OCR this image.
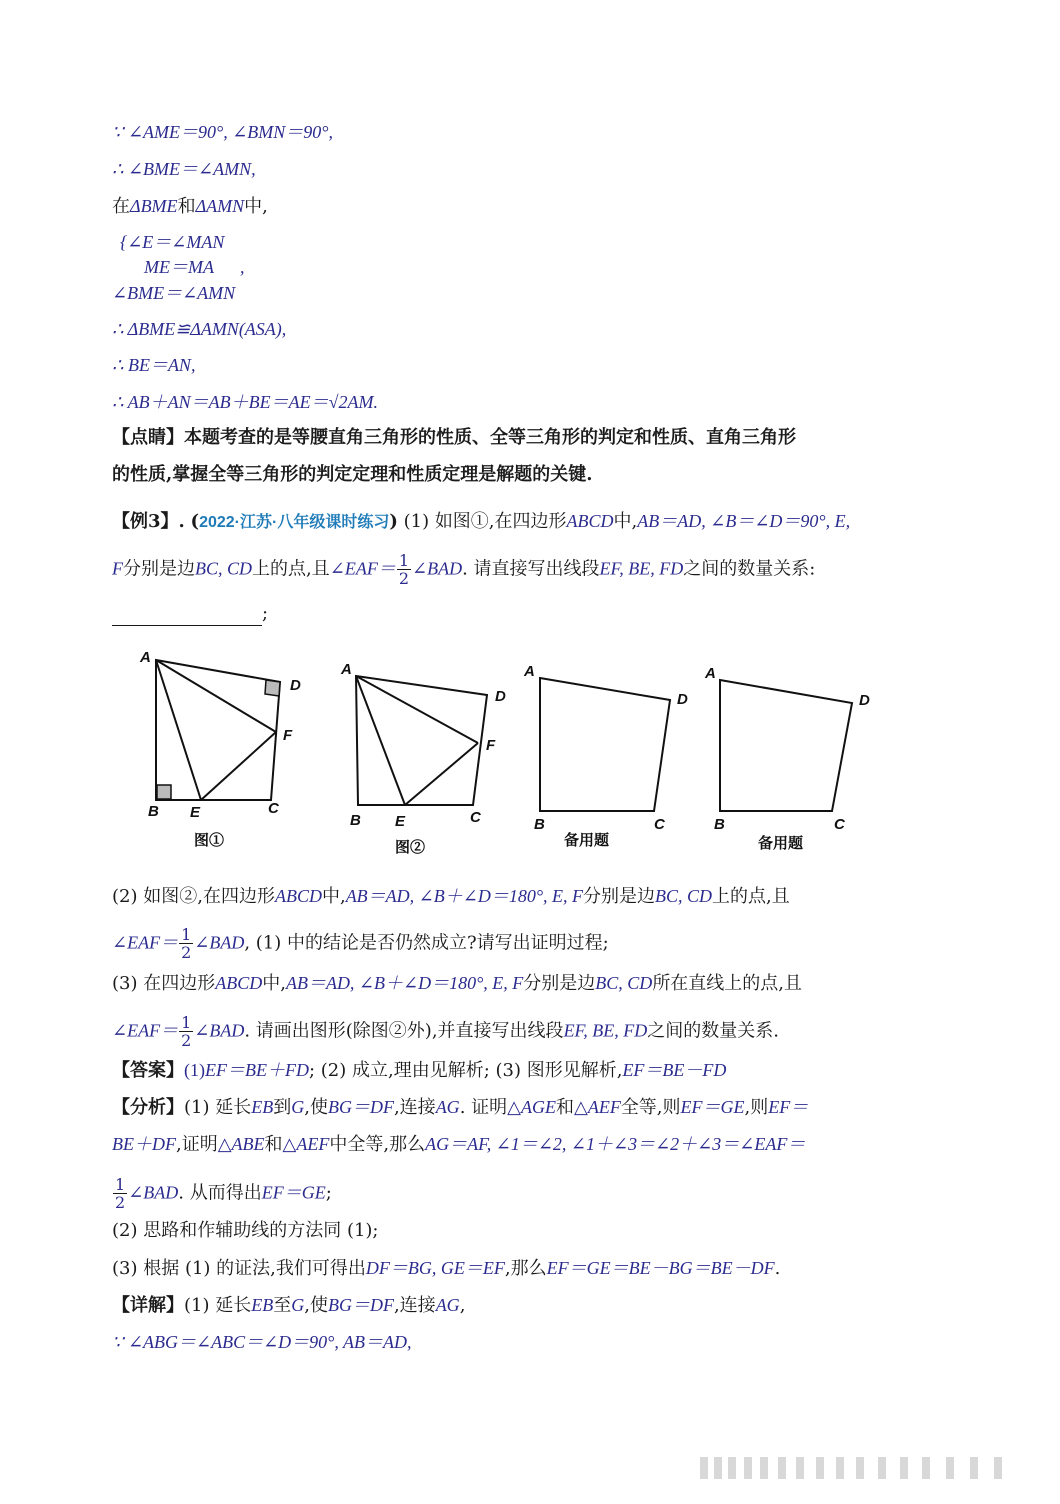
∵ ∠AME＝90°, ∠BMN＝90°,
∴ ∠BME＝∠AMN,
在ΔBME和ΔAMN中,
{∠E＝∠MAN
ME＝MA ,
∠BME＝∠AMN
∴ ΔBME≌ΔAMN(ASA),
∴ BE＝AN,
∴ AB＋AN＝AB＋BE＝AE＝√2AM.
【点睛】本题考查的是等腰直角三角形的性质、全等三角形的判定和性质、直角三角形
的性质,掌握全等三角形的判定定理和性质定理是解题的关键.
【例3】. (2022·江苏·八年级课时练习) (1) 如图①,在四边形ABCD中,AB＝AD, ∠B＝∠D＝90°, E,
F分别是边BC, CD上的点,且∠EAF＝ $\frac{1}{2}$ ∠BAD. 请直接写出线段EF, BE, FD之间的数量关系:
;
A
D
F
B E	C
图①
A
D
F
B E	C
图②
A
D
B	C
备用题
A
D
B	C
备用题
(2) 如图②,在四边形ABCD中,AB＝AD, ∠B＋∠D＝180°, E, F分别是边BC, CD上的点,且
∠EAF＝ $\frac{1}{2}$ ∠BAD, (1) 中的结论是否仍然成立?请写出证明过程;
(3) 在四边形ABCD中,AB＝AD, ∠B＋∠D＝180°, E, F分别是边BC, CD所在直线上的点,且
∠EAF＝ $\frac{1}{2}$ ∠BAD. 请画出图形(除图②外),并直接写出线段EF, BE, FD之间的数量关系.
【答案】(1)EF＝BE＋FD; (2) 成立,理由见解析; (3) 图形见解析,EF＝BE－FD
【分析】(1) 延长EB到G,使BG＝DF,连接AG. 证明△AGE和△AEF全等,则EF＝GE,则EF＝
BE＋DF,证明△ABE和△AEF中全等,那么AG＝AF, ∠1＝∠2, ∠1＋∠3＝∠2＋∠3＝∠EAF＝
$\frac{1}{2}$ ∠BAD. 从而得出EF＝GE;
(2) 思路和作辅助线的方法同 (1);
(3) 根据 (1) 的证法,我们可得出DF＝BG, GE＝EF,那么EF＝GE＝BE－BG＝BE－DF.
【详解】(1) 延长EB至G,使BG＝DF,连接AG,
∵ ∠ABG＝∠ABC＝∠D＝90°, AB＝AD,
